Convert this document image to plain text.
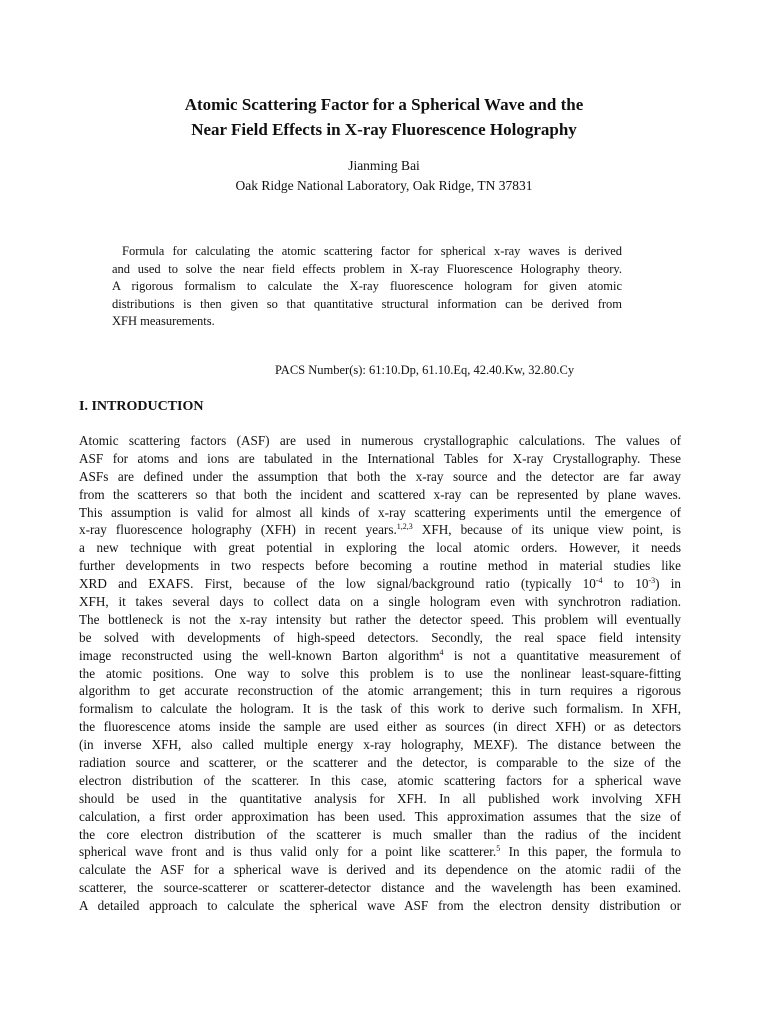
Atomic Scattering Factor for a Spherical Wave and the
Near Field Effects in X-ray Fluorescence Holography
Jianming Bai
Oak Ridge National Laboratory, Oak Ridge, TN 37831
Formula for calculating the atomic scattering factor for spherical x-ray waves is derived
and used to solve the near field effects problem in X-ray Fluorescence Holography theory.
A rigorous formalism to calculate the X-ray fluorescence hologram for given atomic
distributions is then given so that quantitative structural information can be derived from
XFH measurements.
PACS Number(s): 61:10.Dp, 61.10.Eq, 42.40.Kw, 32.80.Cy
I. INTRODUCTION
Atomic scattering factors (ASF) are used in numerous crystallographic calculations. The values of
ASF for atoms and ions are tabulated in the International Tables for X-ray Crystallography. These
ASFs are defined under the assumption that both the x-ray source and the detector are far away
from the scatterers so that both the incident and scattered x-ray can be represented by plane waves.
This assumption is valid for almost all kinds of x-ray scattering experiments until the emergence of
x-ray fluorescence holography (XFH) in recent years.$^{1,2,3}$ XFH, because of its unique view point, is
a new technique with great potential in exploring the local atomic orders. However, it needs
further developments in two respects before becoming a routine method in material studies like
XRD and EXAFS. First, because of the low signal/background ratio (typically $10^{-4}$ to $10^{-3}$) in
XFH, it takes several days to collect data on a single hologram even with synchrotron radiation.
The bottleneck is not the x-ray intensity but rather the detector speed. This problem will eventually
be solved with developments of high-speed detectors. Secondly, the real space field intensity
image reconstructed using the well-known Barton algorithm$^4$ is not a quantitative measurement of
the atomic positions. One way to solve this problem is to use the nonlinear least-square-fitting
algorithm to get accurate reconstruction of the atomic arrangement; this in turn requires a rigorous
formalism to calculate the hologram. It is the task of this work to derive such formalism. In XFH,
the fluorescence atoms inside the sample are used either as sources (in direct XFH) or as detectors
(in inverse XFH, also called multiple energy x-ray holography, MEXF). The distance between the
radiation source and scatterer, or the scatterer and the detector, is comparable to the size of the
electron distribution of the scatterer. In this case, atomic scattering factors for a spherical wave
should be used in the quantitative analysis for XFH. In all published work involving XFH
calculation, a first order approximation has been used. This approximation assumes that the size of
the core electron distribution of the scatterer is much smaller than the radius of the incident
spherical wave front and is thus valid only for a point like scatterer.$^5$ In this paper, the formula to
calculate the ASF for a spherical wave is derived and its dependence on the atomic radii of the
scatterer, the source-scatterer or scatterer-detector distance and the wavelength has been examined.
A detailed approach to calculate the spherical wave ASF from the electron density distribution or
